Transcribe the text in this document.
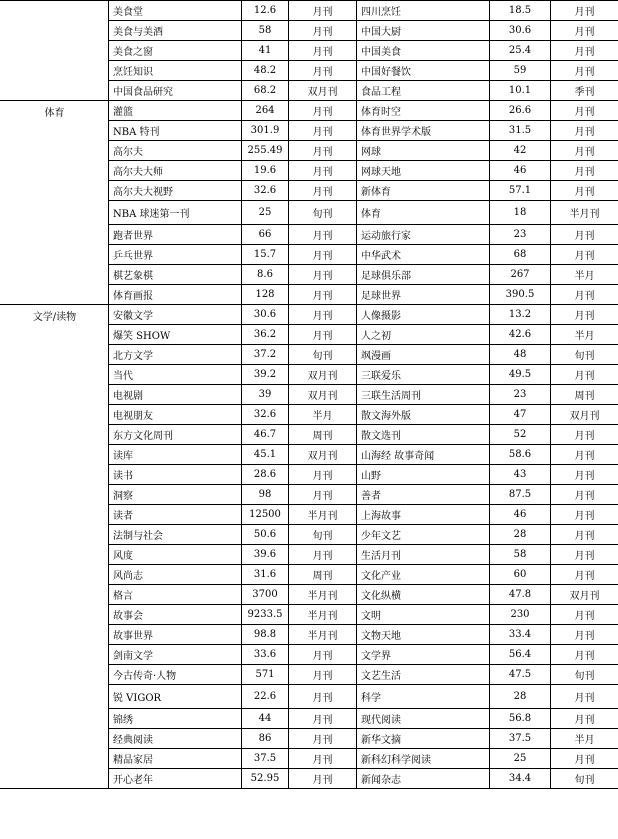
	美食堂	12.6	月刊	四川烹饪	18.5	月刊
	美食与美酒	58	月刊	中国大厨	30.6	月刊
	美食之窗	41	月刊	中国美食	25.4	月刊
	烹饪知识	48.2	月刊	中国好餐饮	59	月刊
	中国食品研究	68.2	双月刊	食品工程	10.1	季刊
体育	灌篮	264	月刊	体育时空	26.6	月刊
	NBA 特刊	301.9	月刊	体育世界学术版	31.5	月刊
	高尔夫	255.49	月刊	网球	42	月刊
	高尔夫大师	19.6	月刊	网球天地	46	月刊
	高尔夫大视野	32.6	月刊	新体育	57.1	月刊
	NBA 球迷第一刊	25	旬刊	体育	18	半月刊
	跑者世界	66	月刊	运动旅行家	23	月刊
	乒乓世界	15.7	月刊	中华武术	68	月刊
	棋艺象棋	8.6	月刊	足球俱乐部	267	半月
	体育画报	128	月刊	足球世界	390.5	月刊
文学/读物	安徽文学	30.6	月刊	人像摄影	13.2	月刊
	爆笑 SHOW	36.2	月刊	人之初	42.6	半月
	北方文学	37.2	旬刊	飒漫画	48	旬刊
	当代	39.2	双月刊	三联爱乐	49.5	月刊
	电视剧	39	双月刊	三联生活周刊	23	周刊
	电视朋友	32.6	半月	散文海外版	47	双月刊
	东方文化周刊	46.7	周刊	散文选刊	52	月刊
	读库	45.1	双月刊	山海经 故事奇闻	58.6	月刊
	读书	28.6	月刊	山野	43	月刊
	洞察	98	月刊	善者	87.5	月刊
	读者	12500	半月刊	上海故事	46	月刊
	法制与社会	50.6	旬刊	少年文艺	28	月刊
	风度	39.6	月刊	生活月刊	58	月刊
	风尚志	31.6	周刊	文化产业	60	月刊
	格言	3700	半月刊	文化纵横	47.8	双月刊
	故事会	9233.5	半月刊	文明	230	月刊
	故事世界	98.8	半月刊	文物天地	33.4	月刊
	剑南文学	33.6	月刊	文学界	56.4	月刊
	今古传奇·人物	571	月刊	文艺生活	47.5	旬刊
	锐 VIGOR	22.6	月刊	科学	28	月刊
	锦绣	44	月刊	现代阅读	56.8	月刊
	经典阅读	86	月刊	新华文摘	37.5	半月
	精品家居	37.5	月刊	新科幻科学阅读	25	月刊
	开心老年	52.95	月刊	新闻杂志	34.4	旬刊
